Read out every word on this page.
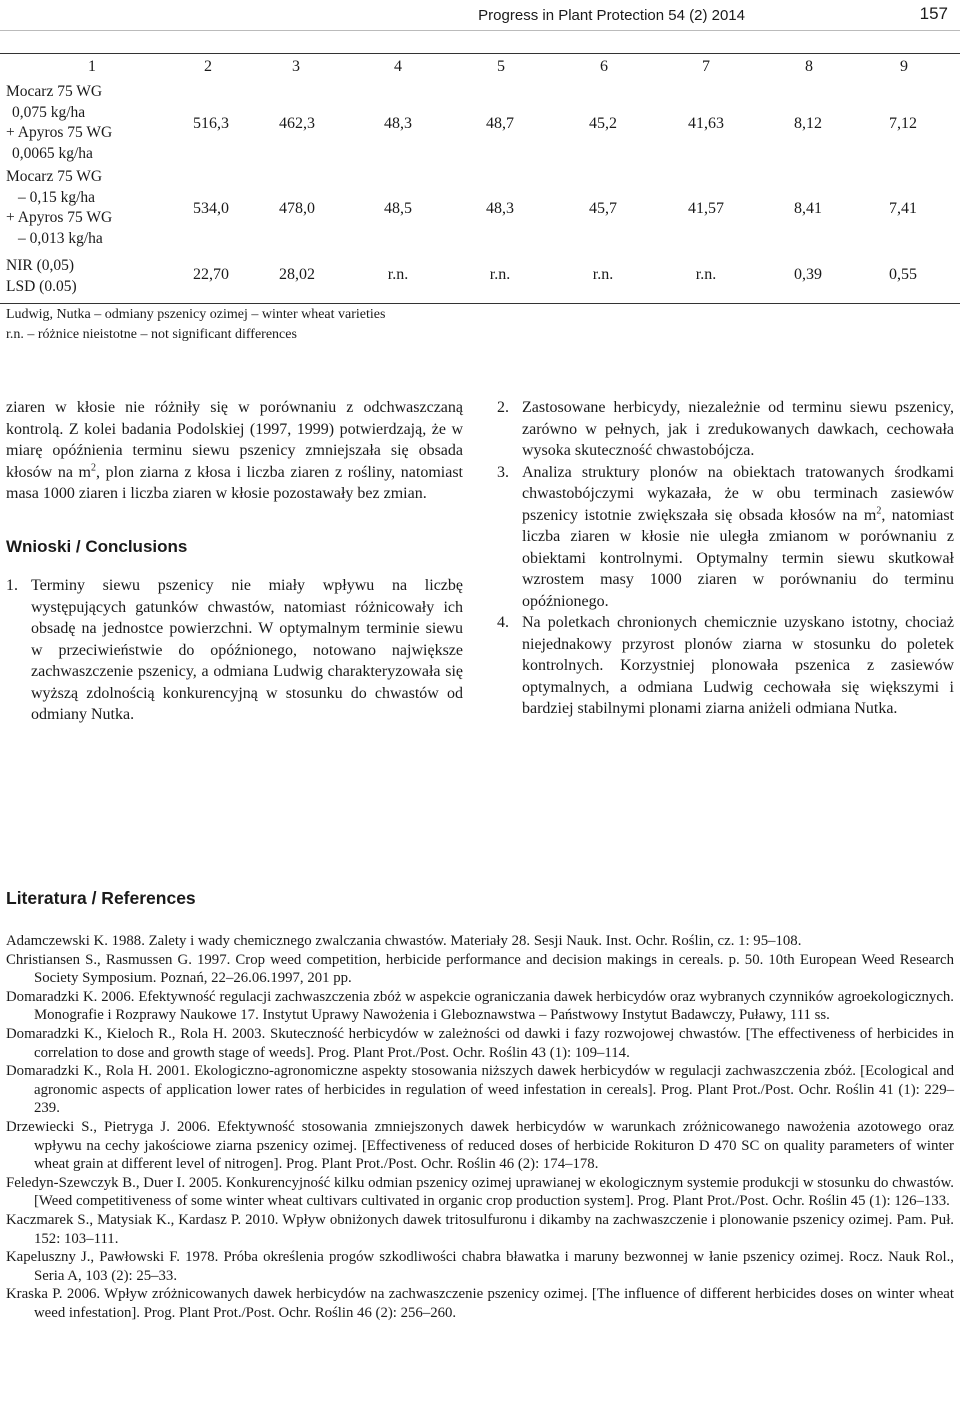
Progress in Plant Protection 54 (2) 2014	157
1	2	3	4	5	6	7	8	9
Mocarz 75 WG
0,075 kg/ha
+ Apyros 75 WG
0,0065 kg/ha
516,3	462,3	48,3	48,7	45,2	41,63	8,12	7,12
Mocarz 75 WG
– 0,15 kg/ha
+ Apyros 75 WG
– 0,013 kg/ha
534,0	478,0	48,5	48,3	45,7	41,57	8,41	7,41
NIR (0,05)
LSD (0.05)
22,70	28,02	r.n.	r.n.	r.n.	r.n.	0,39	0,55
Ludwig, Nutka – odmiany pszenicy ozimej – winter wheat varieties
r.n. – różnice nieistotne – not significant differences

ziaren w kłosie nie różniły się w porównaniu z odchwaszczaną kontrolą. Z kolei badania Podolskiej (1997, 1999) potwierdzają, że w miarę opóźnienia terminu siewu pszenicy zmniejszała się obsada kłosów na $m^2$, plon ziarna z kłosa i liczba ziaren z rośliny, natomiast masa 1000 ziaren i liczba ziaren w kłosie pozostawały bez zmian.

Wnioski / Conclusions
1. Terminy siewu pszenicy nie miały wpływu na liczbę występujących gatunków chwastów, natomiast różnicowały ich obsadę na jednostce powierzchni. W optymalnym terminie siewu w przeciwieństwie do opóźnionego, notowano największe zachwaszczenie pszenicy, a odmiana Ludwig charakteryzowała się wyższą zdolnością konkurencyjną w stosunku do chwastów od odmiany Nutka.

2. Zastosowane herbicydy, niezależnie od terminu siewu pszenicy, zarówno w pełnych, jak i zredukowanych dawkach, cechowała wysoka skuteczność chwastobójcza.

3. Analiza struktury plonów na obiektach tratowanych środkami chwastobójczymi wykazała, że w obu terminach zasiewów pszenicy istotnie zwiększała się obsada kłosów na $m^2$, natomiast liczba ziaren w kłosie nie uległa zmianom w porównaniu z obiektami kontrolnymi. Optymalny termin siewu skutkował wzrostem masy 1000 ziaren w porównaniu do terminu opóźnionego.

4. Na poletkach chronionych chemicznie uzyskano istotny, chociaż niejednakowy przyrost plonów ziarna w stosunku do poletek kontrolnych. Korzystniej plonowała pszenica z zasiewów optymalnych, a odmiana Ludwig cechowała się większymi i bardziej stabilnymi plonami ziarna aniżeli odmiana Nutka.

Literatura / References
Adamczewski K. 1988. Zalety i wady chemicznego zwalczania chwastów. Materiały 28. Sesji Nauk. Inst. Ochr. Roślin, cz. 1: 95–108.
Christiansen S., Rasmussen G. 1997. Crop weed competition, herbicide performance and decision makings in cereals. p. 50. 10th European Weed Research Society Symposium. Poznań, 22–26.06.1997, 201 pp.
Domaradzki K. 2006. Efektywność regulacji zachwaszczenia zbóż w aspekcie ograniczania dawek herbicydów oraz wybranych czynników agroekologicznych. Monografie i Rozprawy Naukowe 17. Instytut Uprawy Nawożenia i Gleboznawstwa – Państwowy Instytut Badawczy, Puławy, 111 ss.
Domaradzki K., Kieloch R., Rola H. 2003. Skuteczność herbicydów w zależności od dawki i fazy rozwojowej chwastów. [The effectiveness of herbicides in correlation to dose and growth stage of weeds]. Prog. Plant Prot./Post. Ochr. Roślin 43 (1): 109–114.
Domaradzki K., Rola H. 2001. Ekologiczno-agronomiczne aspekty stosowania niższych dawek herbicydów w regulacji zachwaszczenia zbóż. [Ecological and agronomic aspects of application lower rates of herbicides in regulation of weed infestation in cereals]. Prog. Plant Prot./Post. Ochr. Roślin 41 (1): 229–239.
Drzewiecki S., Pietryga J. 2006. Efektywność stosowania zmniejszonych dawek herbicydów w warunkach zróżnicowanego nawożenia azotowego oraz wpływu na cechy jakościowe ziarna pszenicy ozimej. [Effectiveness of reduced doses of herbicide Rokituron D 470 SC on quality parameters of winter wheat grain at different level of nitrogen]. Prog. Plant Prot./Post. Ochr. Roślin 46 (2): 174–178.
Feledyn-Szewczyk B., Duer I. 2005. Konkurencyjność kilku odmian pszenicy ozimej uprawianej w ekologicznym systemie produkcji w stosunku do chwastów. [Weed competitiveness of some winter wheat cultivars cultivated in organic crop production system]. Prog. Plant Prot./Post. Ochr. Roślin 45 (1): 126–133.
Kaczmarek S., Matysiak K., Kardasz P. 2010. Wpływ obniżonych dawek tritosulfuronu i dikamby na zachwaszczenie i plonowanie pszenicy ozimej. Pam. Puł. 152: 103–111.
Kapeluszny J., Pawłowski F. 1978. Próba określenia progów szkodliwości chabra bławatka i maruny bezwonnej w łanie pszenicy ozimej. Rocz. Nauk Rol., Seria A, 103 (2): 25–33.
Kraska P. 2006. Wpływ zróżnicowanych dawek herbicydów na zachwaszczenie pszenicy ozimej. [The influence of different herbicides doses on winter wheat weed infestation]. Prog. Plant Prot./Post. Ochr. Roślin 46 (2): 256–260.
